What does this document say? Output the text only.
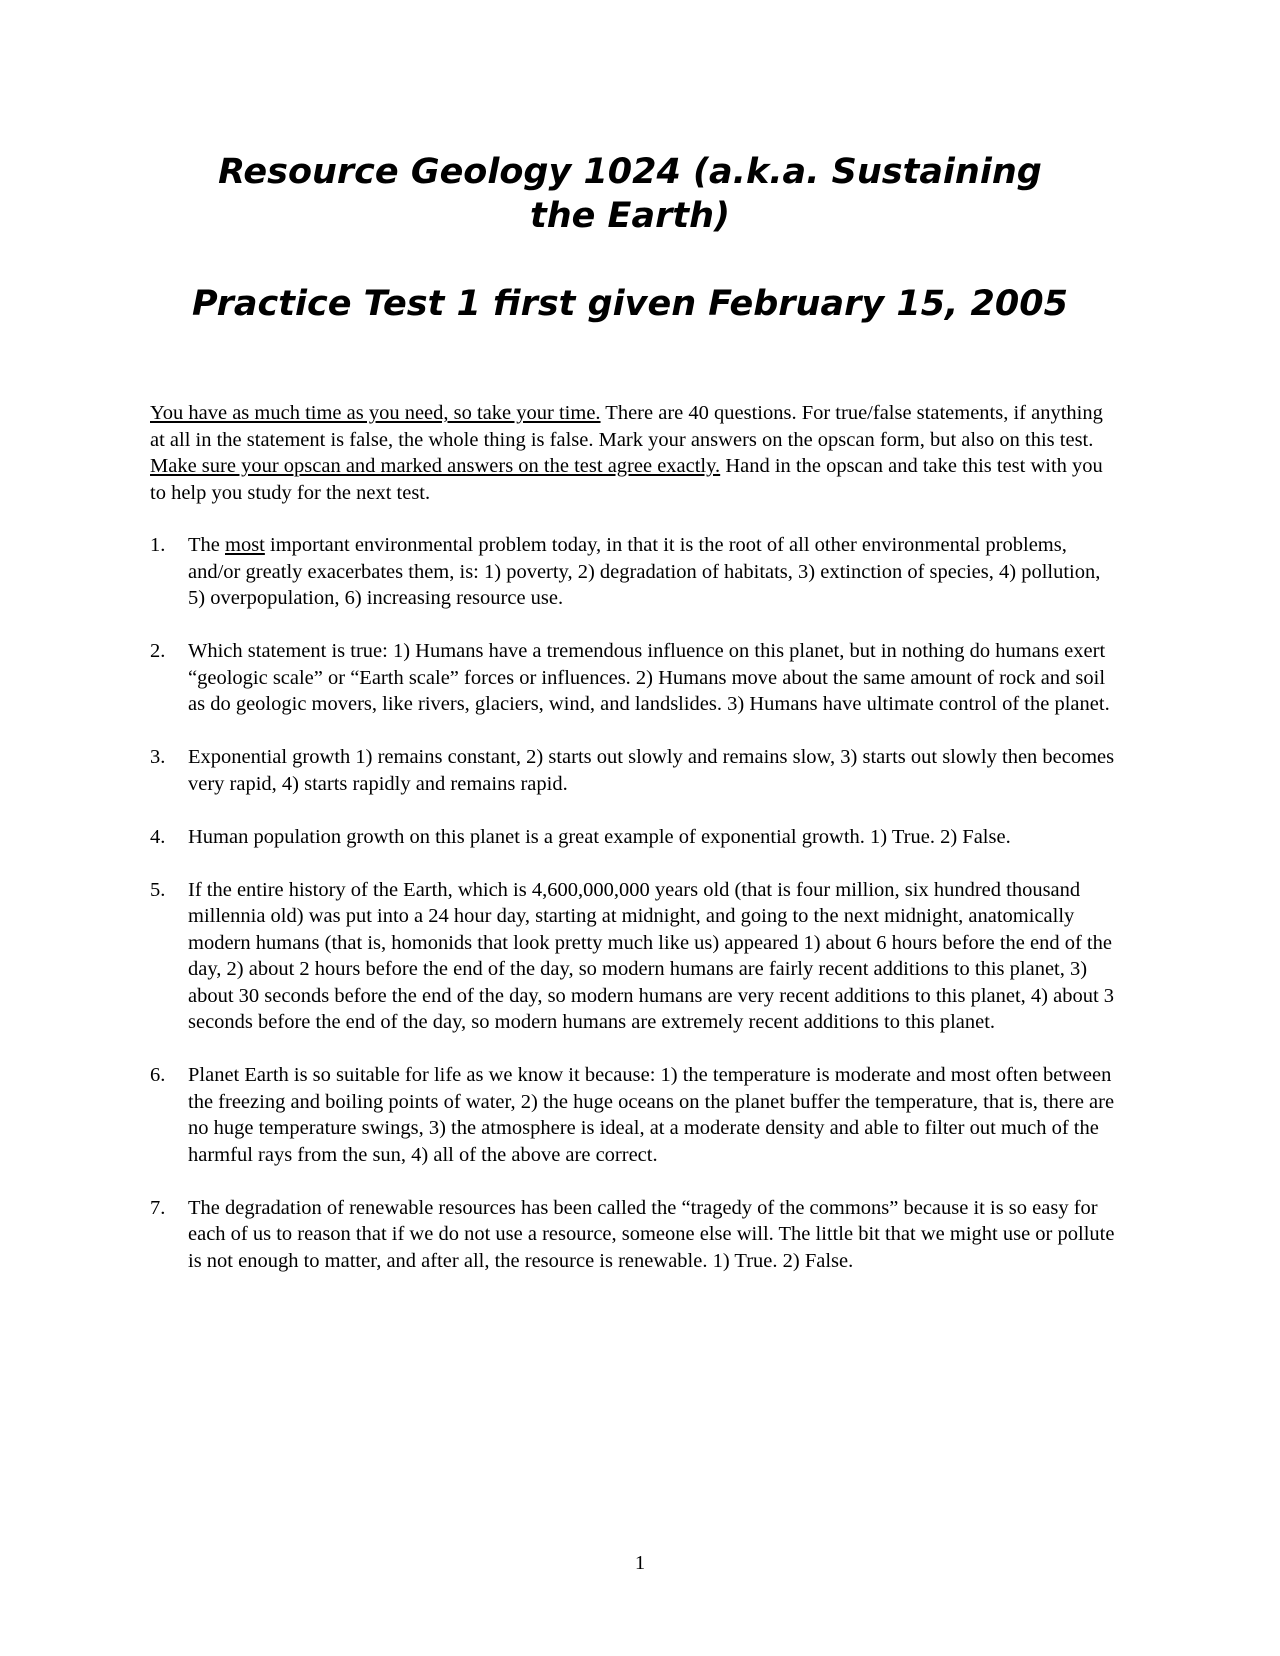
Resource Geology 1024 (a.k.a. Sustaining the Earth)
Practice Test 1 first given February 15, 2005

You have as much time as you need, so take your time. There are 40 questions. For true/false statements, if anything at all in the statement is false, the whole thing is false. Mark your answers on the opscan form, but also on this test. Make sure your opscan and marked answers on the test agree exactly. Hand in the opscan and take this test with you to help you study for the next test.

1. The most important environmental problem today, in that it is the root of all other environmental problems, and/or greatly exacerbates them, is: 1) poverty, 2) degradation of habitats, 3) extinction of species, 4) pollution, 5) overpopulation, 6) increasing resource use.
2. Which statement is true: 1) Humans have a tremendous influence on this planet, but in nothing do humans exert “geologic scale” or “Earth scale” forces or influences. 2) Humans move about the same amount of rock and soil as do geologic movers, like rivers, glaciers, wind, and landslides. 3) Humans have ultimate control of the planet.
3. Exponential growth 1) remains constant, 2) starts out slowly and remains slow, 3) starts out slowly then becomes very rapid, 4) starts rapidly and remains rapid.
4. Human population growth on this planet is a great example of exponential growth. 1) True. 2) False.
5. If the entire history of the Earth, which is 4,600,000,000 years old (that is four million, six hundred thousand millennia old) was put into a 24 hour day, starting at midnight, and going to the next midnight, anatomically modern humans (that is, homonids that look pretty much like us) appeared 1) about 6 hours before the end of the day, 2) about 2 hours before the end of the day, so modern humans are fairly recent additions to this planet, 3) about 30 seconds before the end of the day, so modern humans are very recent additions to this planet, 4) about 3 seconds before the end of the day, so modern humans are extremely recent additions to this planet.
6. Planet Earth is so suitable for life as we know it because: 1) the temperature is moderate and most often between the freezing and boiling points of water, 2) the huge oceans on the planet buffer the temperature, that is, there are no huge temperature swings, 3) the atmosphere is ideal, at a moderate density and able to filter out much of the harmful rays from the sun, 4) all of the above are correct.
7. The degradation of renewable resources has been called the “tragedy of the commons” because it is so easy for each of us to reason that if we do not use a resource, someone else will. The little bit that we might use or pollute is not enough to matter, and after all, the resource is renewable. 1) True. 2) False.
1
